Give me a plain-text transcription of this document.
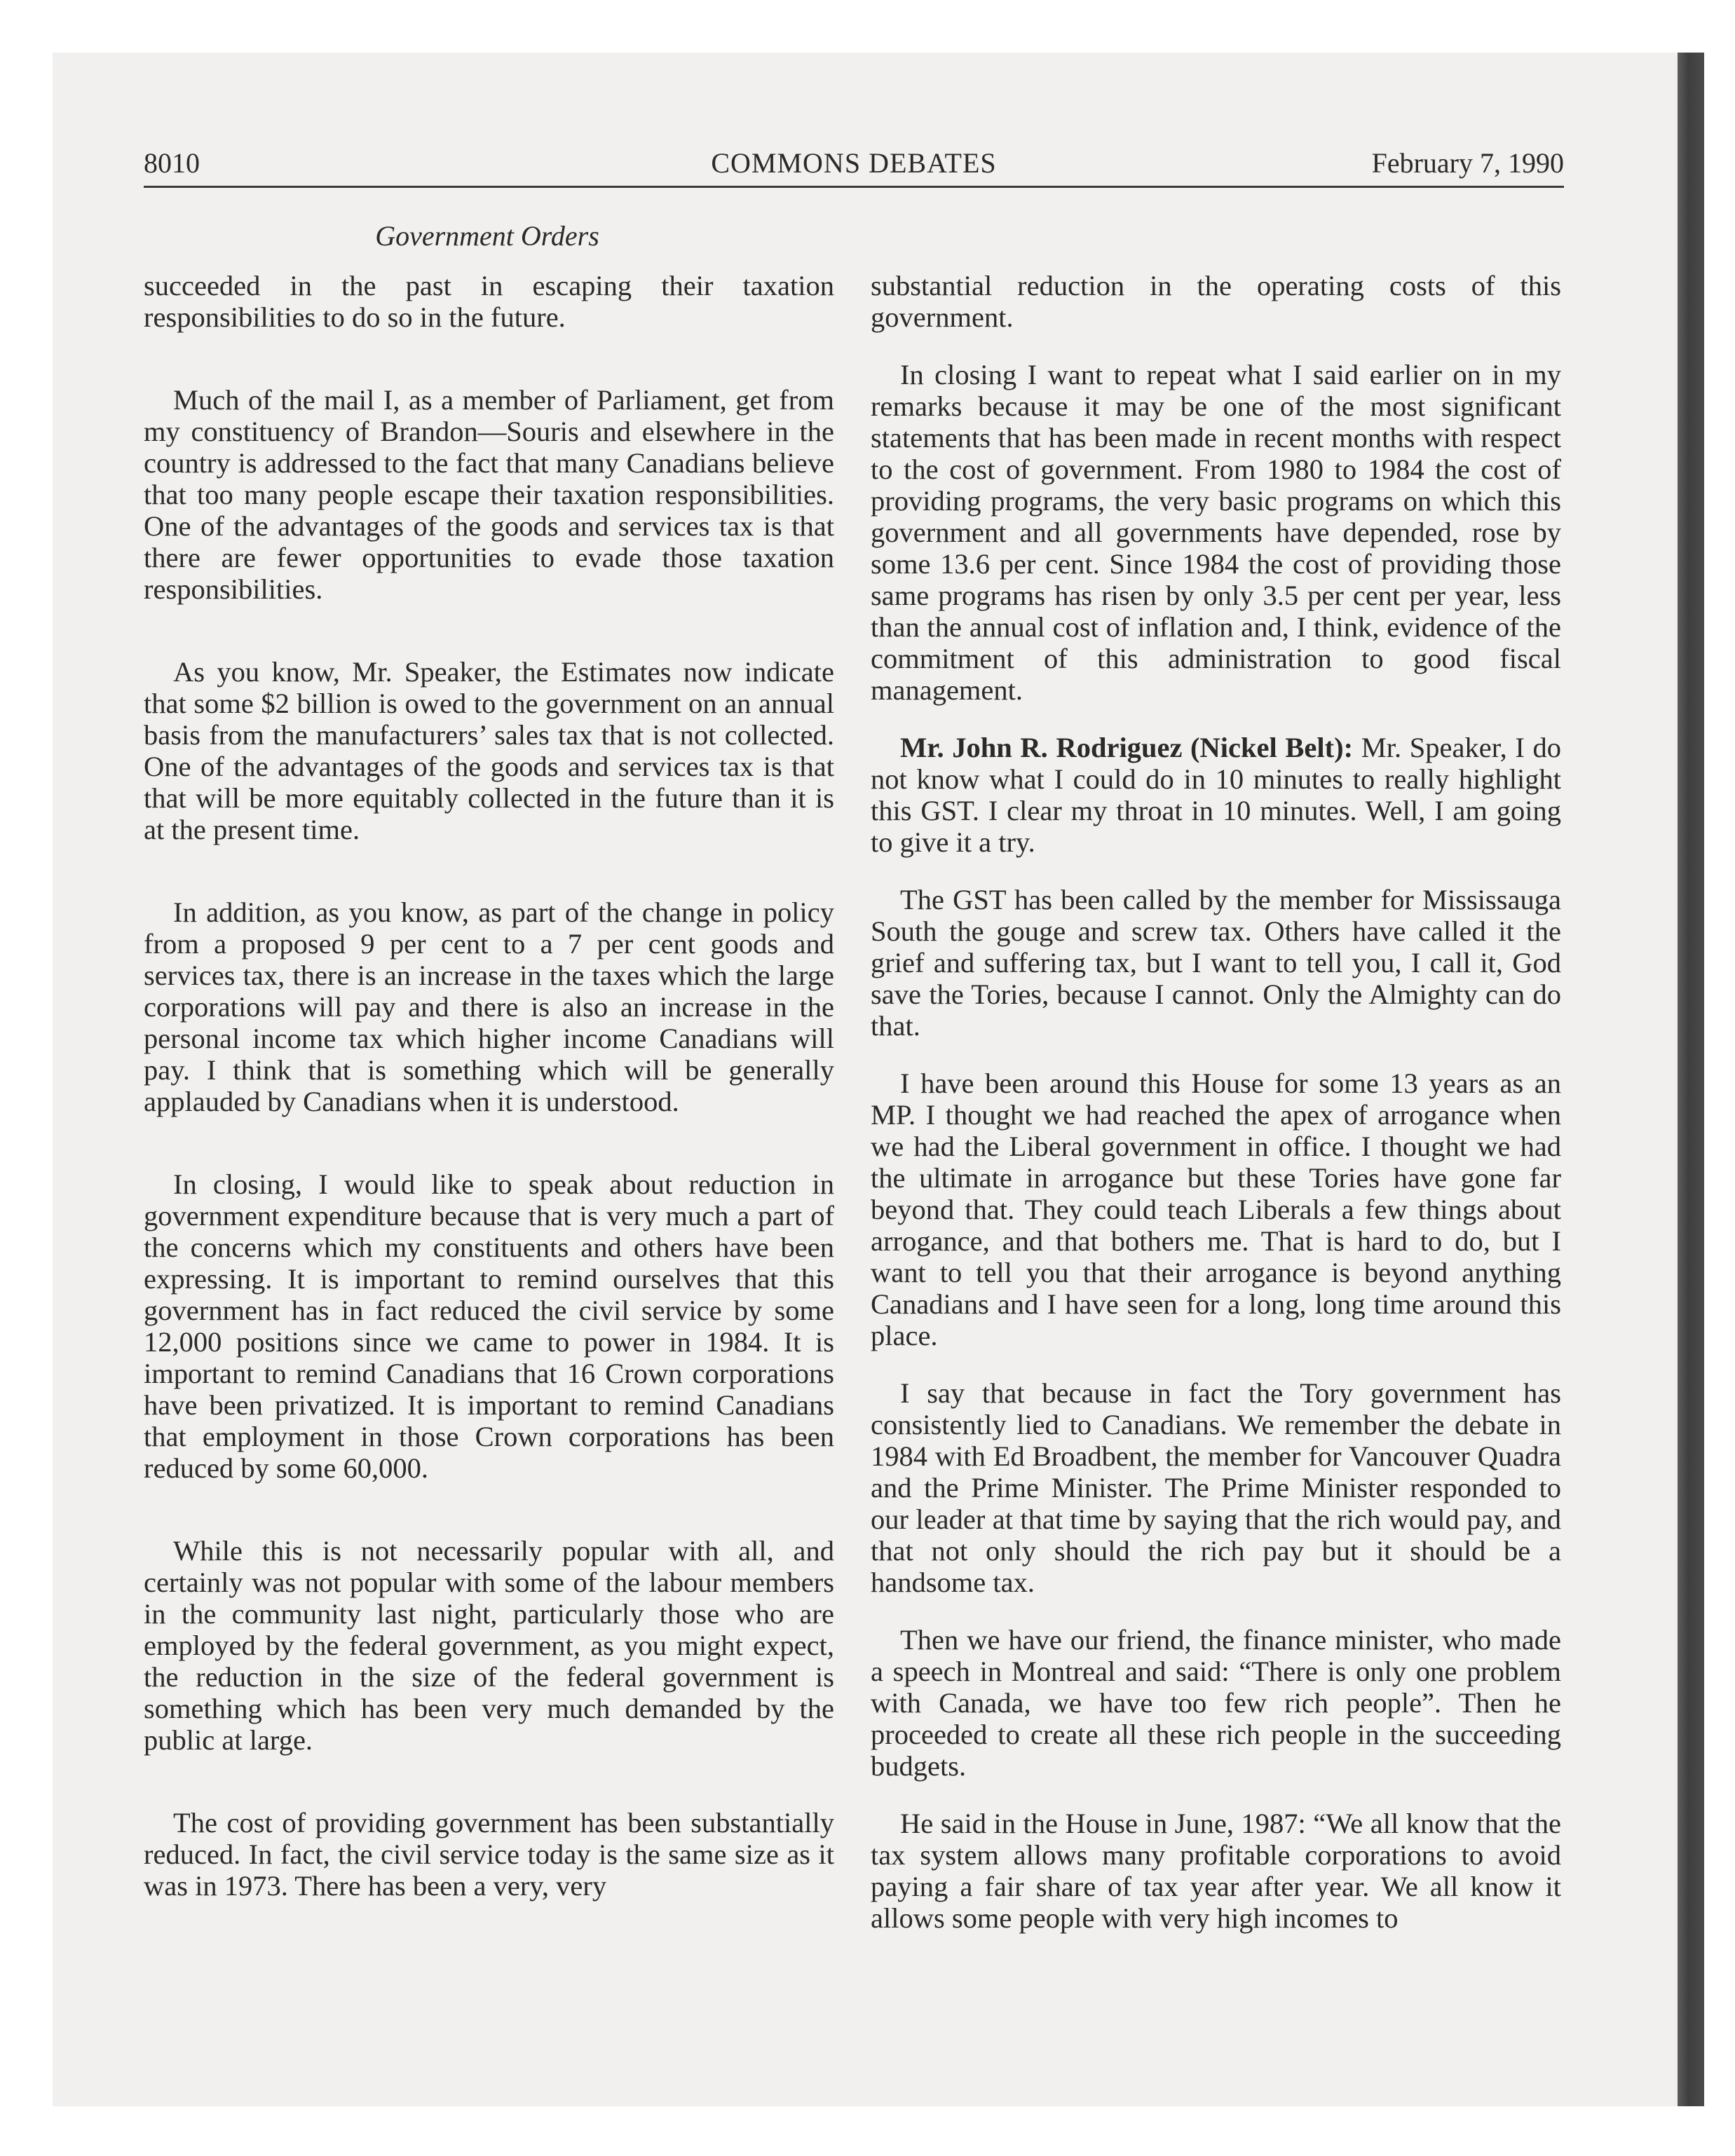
8010	COMMONS DEBATES	February 7, 1990
Government Orders

succeeded in the past in escaping their taxation responsibilities to do so in the future.

Much of the mail I, as a member of Parliament, get from my constituency of Brandon—Souris and elsewhere in the country is addressed to the fact that many Canadians believe that too many people escape their taxation responsibilities. One of the advantages of the goods and services tax is that there are fewer opportunities to evade those taxation responsibilities.

As you know, Mr. Speaker, the Estimates now indicate that some $2 billion is owed to the government on an annual basis from the manufacturers’ sales tax that is not collected. One of the advantages of the goods and services tax is that that will be more equitably collected in the future than it is at the present time.

In addition, as you know, as part of the change in policy from a proposed 9 per cent to a 7 per cent goods and services tax, there is an increase in the taxes which the large corporations will pay and there is also an increase in the personal income tax which higher income Canadians will pay. I think that is something which will be generally applauded by Canadians when it is understood.

In closing, I would like to speak about reduction in government expenditure because that is very much a part of the concerns which my constituents and others have been expressing. It is important to remind ourselves that this government has in fact reduced the civil service by some 12,000 positions since we came to power in 1984. It is important to remind Canadians that 16 Crown corporations have been privatized. It is important to remind Canadians that employment in those Crown corporations has been reduced by some 60,000.

While this is not necessarily popular with all, and certainly was not popular with some of the labour members in the community last night, particularly those who are employed by the federal government, as you might expect, the reduction in the size of the federal government is something which has been very much demanded by the public at large.

The cost of providing government has been substantially reduced. In fact, the civil service today is the same size as it was in 1973. There has been a very, very

substantial reduction in the operating costs of this government.

In closing I want to repeat what I said earlier on in my remarks because it may be one of the most significant statements that has been made in recent months with respect to the cost of government. From 1980 to 1984 the cost of providing programs, the very basic programs on which this government and all governments have depended, rose by some 13.6 per cent. Since 1984 the cost of providing those same programs has risen by only 3.5 per cent per year, less than the annual cost of inflation and, I think, evidence of the commitment of this administration to good fiscal management.

Mr. John R. Rodriguez (Nickel Belt): Mr. Speaker, I do not know what I could do in 10 minutes to really highlight this GST. I clear my throat in 10 minutes. Well, I am going to give it a try.

The GST has been called by the member for Mississauga South the gouge and screw tax. Others have called it the grief and suffering tax, but I want to tell you, I call it, God save the Tories, because I cannot. Only the Almighty can do that.

I have been around this House for some 13 years as an MP. I thought we had reached the apex of arrogance when we had the Liberal government in office. I thought we had the ultimate in arrogance but these Tories have gone far beyond that. They could teach Liberals a few things about arrogance, and that bothers me. That is hard to do, but I want to tell you that their arrogance is beyond anything Canadians and I have seen for a long, long time around this place.

I say that because in fact the Tory government has consistently lied to Canadians. We remember the debate in 1984 with Ed Broadbent, the member for Vancouver Quadra and the Prime Minister. The Prime Minister responded to our leader at that time by saying that the rich would pay, and that not only should the rich pay but it should be a handsome tax.

Then we have our friend, the finance minister, who made a speech in Montreal and said: “There is only one problem with Canada, we have too few rich people”. Then he proceeded to create all these rich people in the succeeding budgets.

He said in the House in June, 1987: “We all know that the tax system allows many profitable corporations to avoid paying a fair share of tax year after year. We all know it allows some people with very high incomes to
